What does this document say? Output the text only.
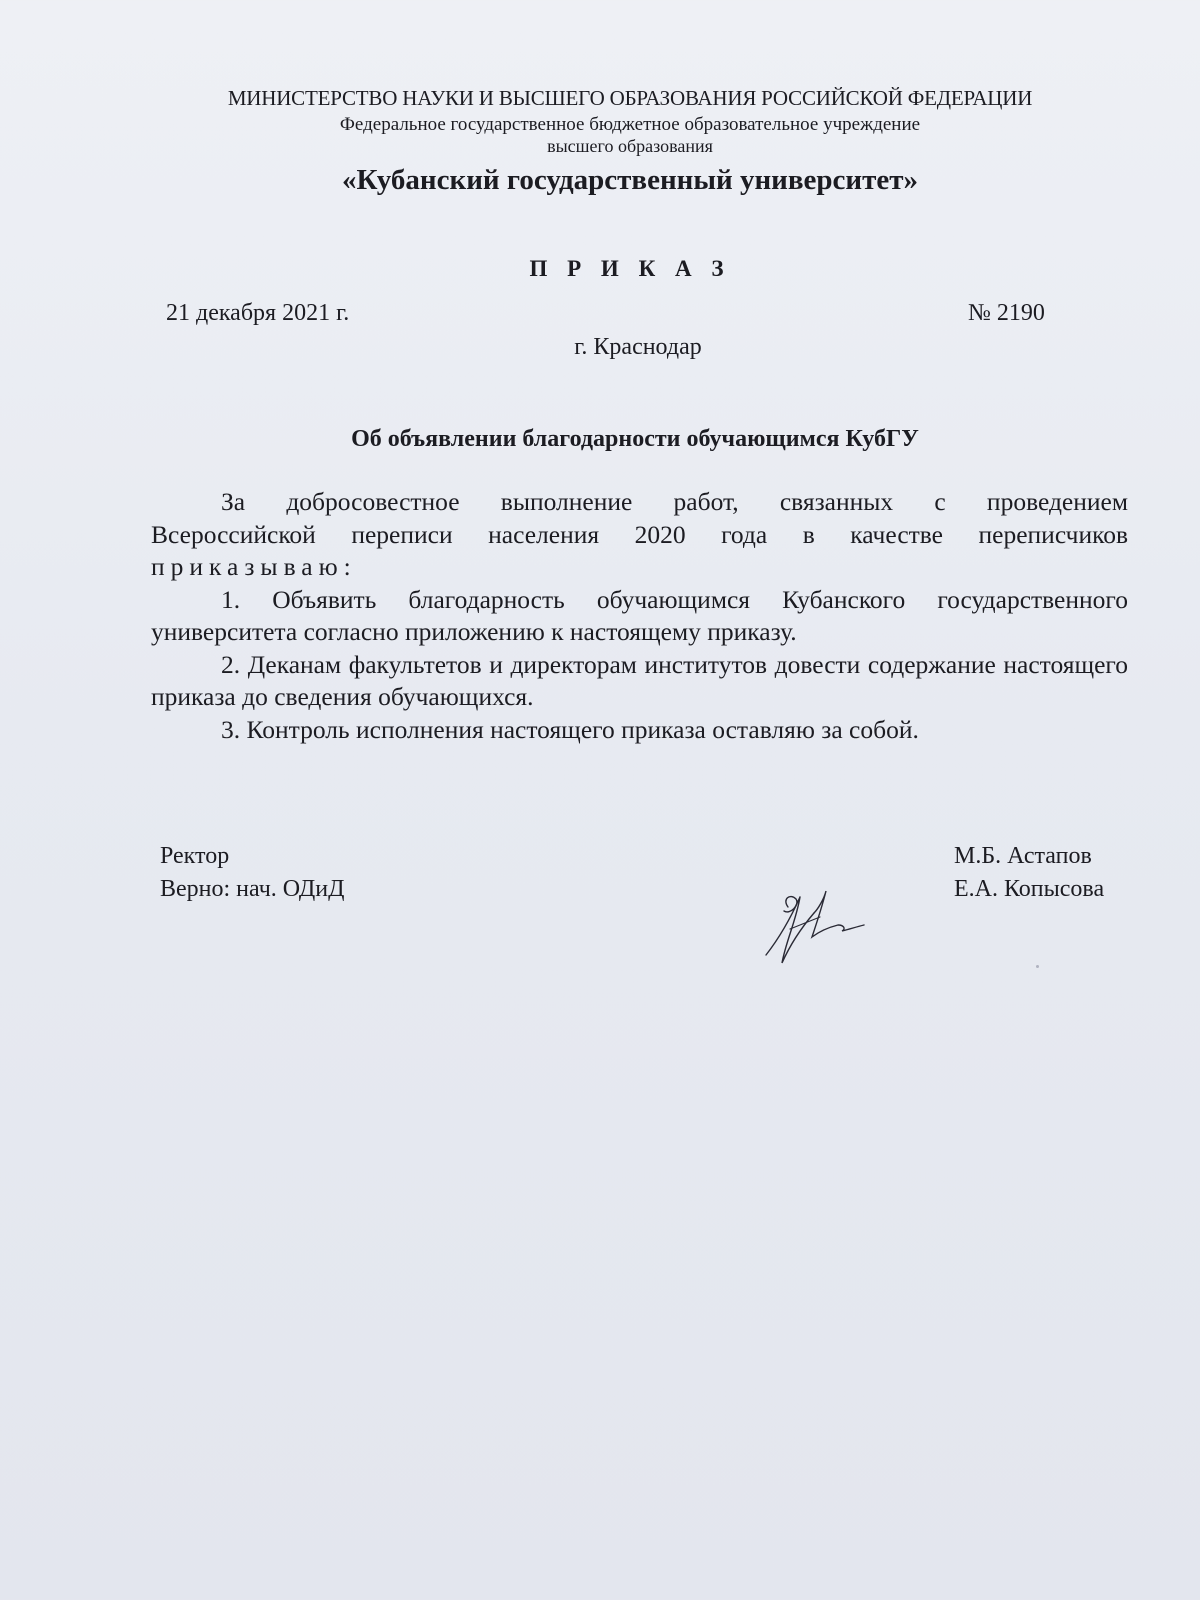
МИНИСТЕРСТВО НАУКИ И ВЫСШЕГО ОБРАЗОВАНИЯ РОССИЙСКОЙ ФЕДЕРАЦИИ
Федеральное государственное бюджетное образовательное учреждение
высшего образования
«Кубанский государственный университет»
П Р И К А З
21 декабря 2021 г.	№ 2190
г. Краснодар
Об объявлении благодарности обучающимся КубГУ

За добросовестное выполнение работ, связанных с проведением

Всероссийской переписи населения 2020 года в качестве переписчиков

приказываю:

1. Объявить благодарность обучающимся Кубанского государственного университета согласно приложению к настоящему приказу.

2. Деканам факультетов и директорам институтов довести содержание настоящего приказа до сведения обучающихся.

3. Контроль исполнения настоящего приказа оставляю за собой.

Ректор
Верно: нач. ОДиД
М.Б. Астапов
Е.А. Копысова
